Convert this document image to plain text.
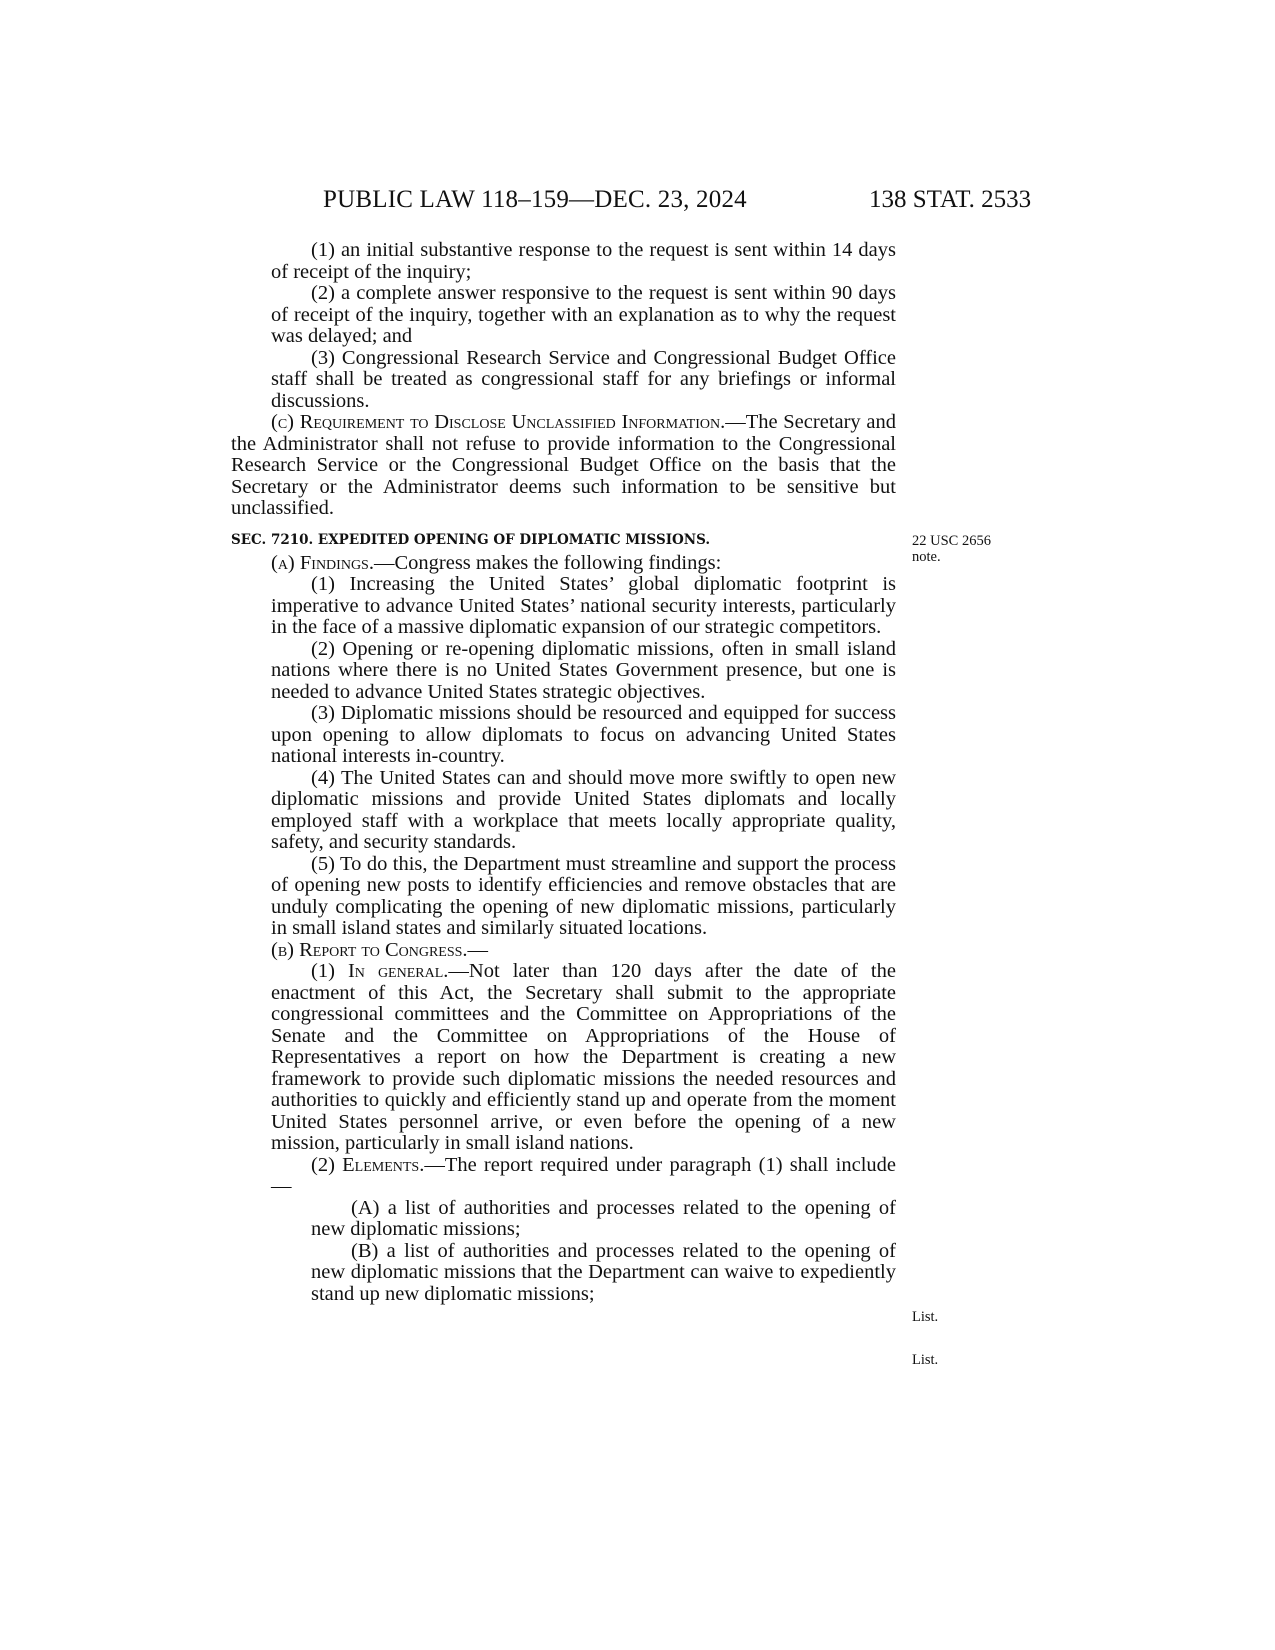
PUBLIC LAW 118–159—DEC. 23, 2024	138 STAT. 2533

(1) an initial substantive response to the request is sent within 14 days of receipt of the inquiry;

(2) a complete answer responsive to the request is sent within 90 days of receipt of the inquiry, together with an explanation as to why the request was delayed; and

(3) Congressional Research Service and Congressional Budget Office staff shall be treated as congressional staff for any briefings or informal discussions.

(c) Requirement to Disclose Unclassified Information.—The Secretary and the Administrator shall not refuse to provide information to the Congressional Research Service or the Congressional Budget Office on the basis that the Secretary or the Administrator deems such information to be sensitive but unclassified.

SEC. 7210. EXPEDITED OPENING OF DIPLOMATIC MISSIONS.

(a) Findings.—Congress makes the following findings:

(1) Increasing the United States’ global diplomatic footprint is imperative to advance United States’ national security interests, particularly in the face of a massive diplomatic expansion of our strategic competitors.

(2) Opening or re-opening diplomatic missions, often in small island nations where there is no United States Government presence, but one is needed to advance United States strategic objectives.

(3) Diplomatic missions should be resourced and equipped for success upon opening to allow diplomats to focus on advancing United States national interests in-country.

(4) The United States can and should move more swiftly to open new diplomatic missions and provide United States diplomats and locally employed staff with a workplace that meets locally appropriate quality, safety, and security standards.

(5) To do this, the Department must streamline and support the process of opening new posts to identify efficiencies and remove obstacles that are unduly complicating the opening of new diplomatic missions, particularly in small island states and similarly situated locations.

(b) Report to Congress.—

(1) In general.—Not later than 120 days after the date of the enactment of this Act, the Secretary shall submit to the appropriate congressional committees and the Committee on Appropriations of the Senate and the Committee on Appropriations of the House of Representatives a report on how the Department is creating a new framework to provide such diplomatic missions the needed resources and authorities to quickly and efficiently stand up and operate from the moment United States personnel arrive, or even before the opening of a new mission, particularly in small island nations.

(2) Elements.—The report required under paragraph (1) shall include—

(A) a list of authorities and processes related to the opening of new diplomatic missions;

(B) a list of authorities and processes related to the opening of new diplomatic missions that the Department can waive to expediently stand up new diplomatic missions;

22 USC 2656
note.
List.
List.
